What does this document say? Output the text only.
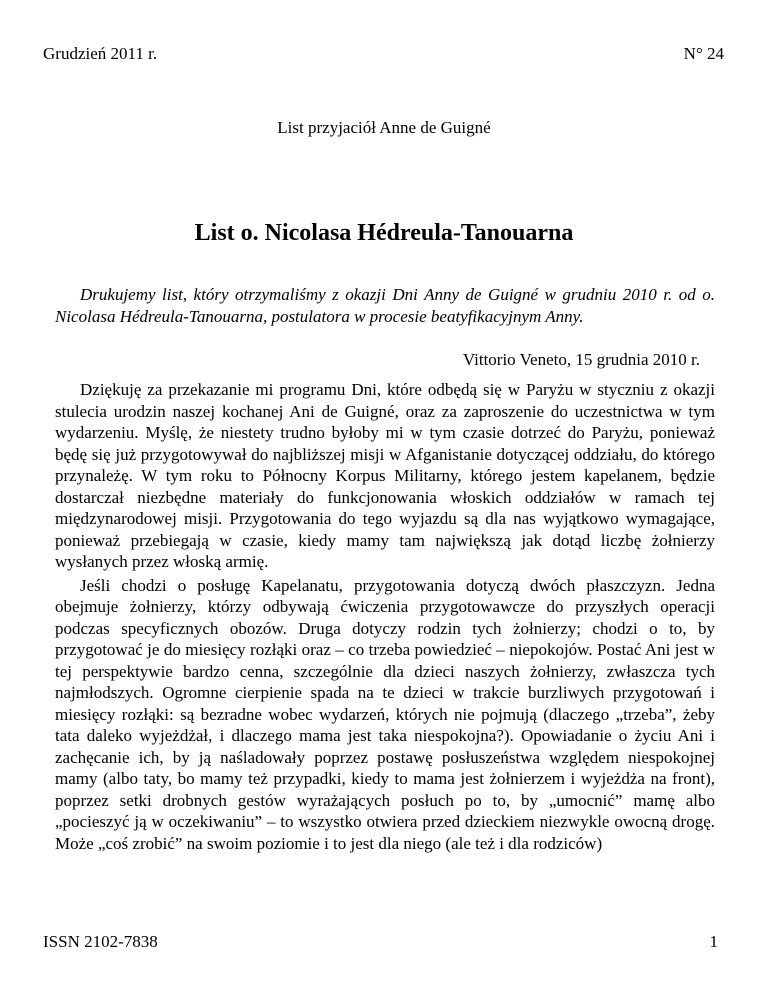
Grudzień 2011 r.	N° 24
List przyjaciół Anne de Guigné
List o. Nicolasa Hédreula-Tanouarna

Drukujemy list, który otrzymaliśmy z okazji Dni Anny de Guigné w grudniu 2010 r. od o. Nicolasa Hédreula-Tanouarna, postulatora w procesie beatyfikacyjnym Anny.

Vittorio Veneto, 15 grudnia 2010 r.

Dziękuję za przekazanie mi programu Dni, które odbędą się w Paryżu w styczniu z okazji stulecia urodzin naszej kochanej Ani de Guigné, oraz za zaproszenie do uczestnictwa w tym wydarzeniu. Myślę, że niestety trudno byłoby mi w tym czasie dotrzeć do Paryżu, ponieważ będę się już przygotowywał do najbliższej misji w Afganistanie dotyczącej oddziału, do którego przynależę. W tym roku to Północny Korpus Militarny, którego jestem kapelanem, będzie dostarczał niezbędne materiały do funkcjonowania włoskich oddziałów w ramach tej międzynarodowej misji. Przygotowania do tego wyjazdu są dla nas wyjątkowo wymagające, ponieważ przebiegają w czasie, kiedy mamy tam największą jak dotąd liczbę żołnierzy wysłanych przez włoską armię.

Jeśli chodzi o posługę Kapelanatu, przygotowania dotyczą dwóch płaszczyzn. Jedna obejmuje żołnierzy, którzy odbywają ćwiczenia przygotowawcze do przyszłych operacji podczas specyficznych obozów. Druga dotyczy rodzin tych żołnierzy; chodzi o to, by przygotować je do miesięcy rozłąki oraz – co trzeba powiedzieć – niepokojów. Postać Ani jest w tej perspektywie bardzo cenna, szczególnie dla dzieci naszych żołnierzy, zwłaszcza tych najmłodszych. Ogromne cierpienie spada na te dzieci w trakcie burzliwych przygotowań i miesięcy rozłąki: są bezradne wobec wydarzeń, których nie pojmują (dlaczego „trzeba”, żeby tata daleko wyjeżdżał, i dlaczego mama jest taka niespokojna?). Opowiadanie o życiu Ani i zachęcanie ich, by ją naśladowały poprzez postawę posłuszeństwa względem niespokojnej mamy (albo taty, bo mamy też przypadki, kiedy to mama jest żołnierzem i wyjeżdża na front), poprzez setki drobnych gestów wyrażających posłuch po to, by „umocnić” mamę albo „pocieszyć ją w oczekiwaniu” – to wszystko otwiera przed dzieckiem niezwykle owocną drogę. Może „coś zrobić” na swoim poziomie i to jest dla niego (ale też i dla rodziców)

ISSN 2102-7838	1
